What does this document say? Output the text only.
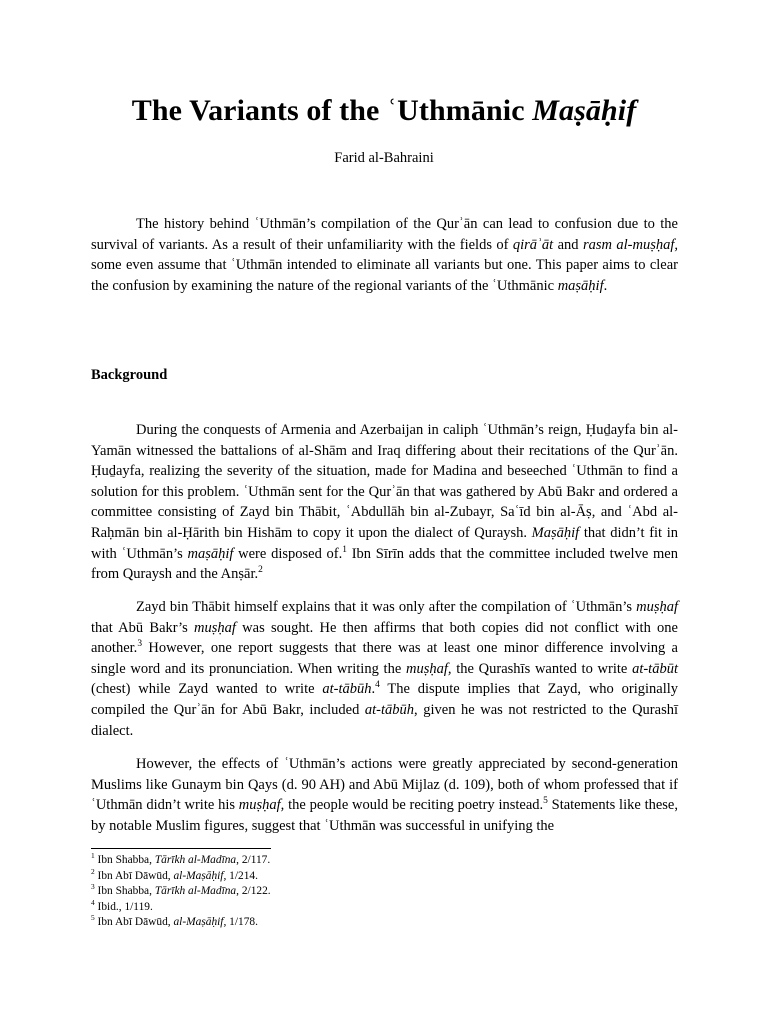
The Variants of the ʿUthmānic Maṣāḥif
Farid al-Bahraini
The history behind ʿUthmān’s compilation of the Qurʾān can lead to confusion due to the survival of variants. As a result of their unfamiliarity with the fields of qirāʾāt and rasm al-muṣḥaf, some even assume that ʿUthmān intended to eliminate all variants but one. This paper aims to clear the confusion by examining the nature of the regional variants of the ʿUthmānic maṣāḥif.
Background
During the conquests of Armenia and Azerbaijan in caliph ʿUthmān’s reign, Ḥuḏayfa bin al-Yamān witnessed the battalions of al-Shām and Iraq differing about their recitations of the Qurʾān. Ḥuḏayfa, realizing the severity of the situation, made for Madina and beseeched ʿUthmān to find a solution for this problem. ʿUthmān sent for the Qurʾān that was gathered by Abū Bakr and ordered a committee consisting of Zayd bin Thābit, ʿAbdullāh bin al-Zubayr, Saʿīd bin al-Āṣ, and ʿAbd al-Raḥmān bin al-Ḥārith bin Hishām to copy it upon the dialect of Quraysh. Maṣāḥif that didn’t fit in with ʿUthmān’s maṣāḥif were disposed of.$^1$ Ibn Sīrīn adds that the committee included twelve men from Quraysh and the Anṣār.$^2$
Zayd bin Thābit himself explains that it was only after the compilation of ʿUthmān’s muṣḥaf that Abū Bakr’s muṣḥaf was sought. He then affirms that both copies did not conflict with one another.$^3$ However, one report suggests that there was at least one minor difference involving a single word and its pronunciation. When writing the muṣḥaf, the Qurashīs wanted to write at-tābūt (chest) while Zayd wanted to write at-tābūh.$^4$ The dispute implies that Zayd, who originally compiled the Qurʾān for Abū Bakr, included at-tābūh, given he was not restricted to the Qurashī dialect.
However, the effects of ʿUthmān’s actions were greatly appreciated by second-generation Muslims like Gunaym bin Qays (d. 90 AH) and Abū Mijlaz (d. 109), both of whom professed that if ʿUthmān didn’t write his muṣḥaf, the people would be reciting poetry instead.$^5$ Statements like these, by notable Muslim figures, suggest that ʿUthmān was successful in unifying the
$^1$ Ibn Shabba, Tārīkh al-Madīna, 2/117.
$^2$ Ibn Abī Dāwūd, al-Maṣāḥif, 1/214.
$^3$ Ibn Shabba, Tārīkh al-Madīna, 2/122.
$^4$ Ibid., 1/119.
$^5$ Ibn Abī Dāwūd, al-Maṣāḥif, 1/178.
